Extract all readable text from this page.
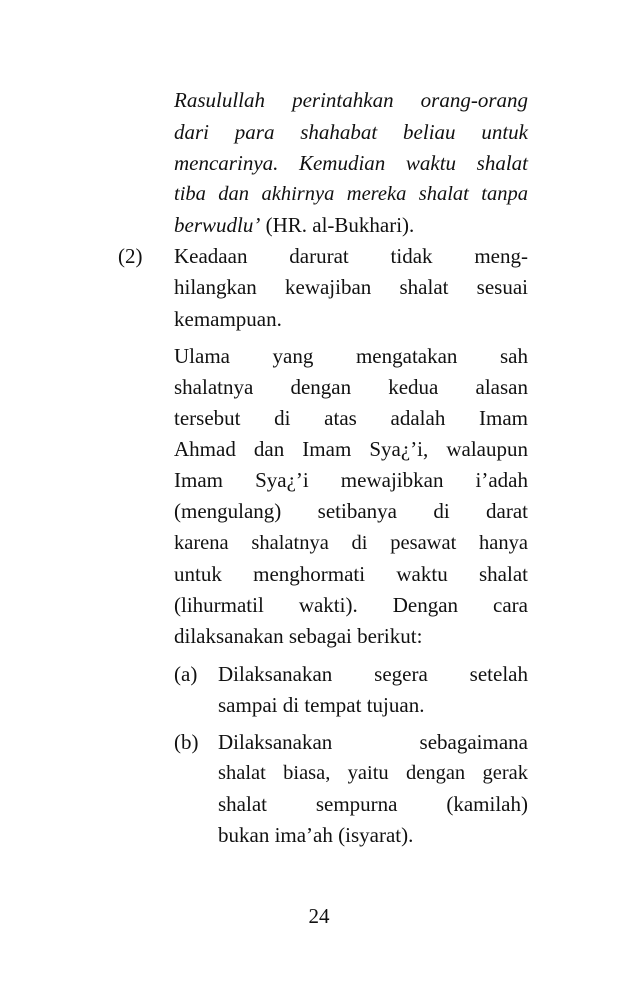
Rasulullah perintahkan orang-orang
dari para shahabat beliau untuk
mencarinya. Kemudian waktu shalat
tiba dan akhirnya mereka shalat tanpa
berwudlu’ (HR. al-Bukhari).
(2) Keadaan darurat tidak meng-
hilangkan kewajiban shalat sesuai
kemampuan.
Ulama yang mengatakan sah
shalatnya dengan kedua alasan
tersebut di atas adalah Imam
Ahmad dan Imam Sya¿’i, walaupun
Imam Sya¿’i mewajibkan i’adah
(mengulang) setibanya di darat
karena shalatnya di pesawat hanya
untuk menghormati waktu shalat
(lihurmatil wakti). Dengan cara
dilaksanakan sebagai berikut:
(a) Dilaksanakan segera setelah
sampai di tempat tujuan.
(b) Dilaksanakan sebagaimana
shalat biasa, yaitu dengan gerak
shalat sempurna (kamilah)
bukan ima’ah (isyarat).
24
